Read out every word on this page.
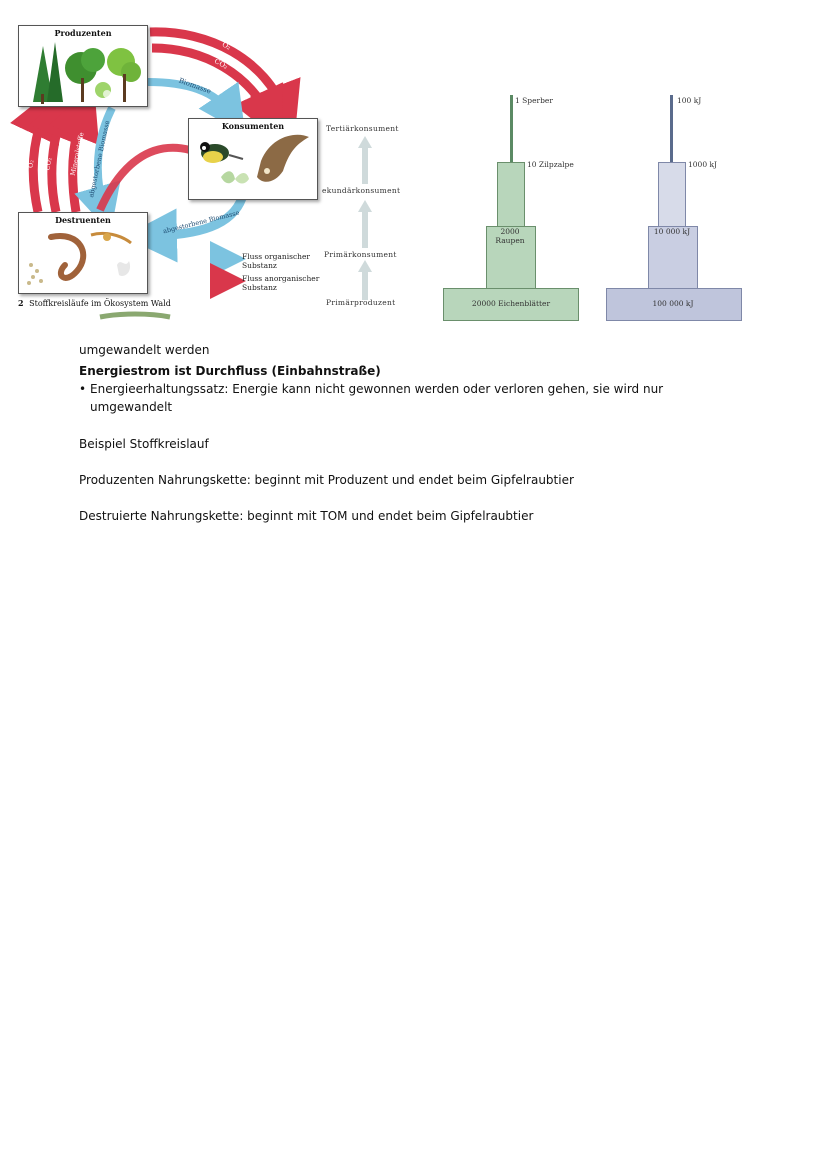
O₂
CO₂
Biomasse
Mineralstoffe
CO₂
O₂	abgestorbene Biomasse
abgestorbene Biomasse
Produzenten
Konsumenten
Destruenten
Fluss organischer Substanz
Fluss anorganischer Substanz
2 Stoffkreisläufe im Ökosystem Wald
Tertiärkonsument
ekundärkonsument
Primärkonsument
Primärproduzent
1 Sperber
10 Zilpzalpe
2000 Raupen
20000 Eichenblätter
100 kJ
1000 kJ
10 000 kJ
100 000 kJ
umgewandelt werden
Energiestrom ist Durchfluss (Einbahnstraße)
• Energieerhaltungssatz: Energie kann nicht gewonnen werden oder verloren gehen, sie wird nur
umgewandelt
Beispiel Stoffkreislauf
Produzenten Nahrungskette: beginnt mit Produzent und endet beim Gipfelraubtier
Destruierte Nahrungskette: beginnt mit TOM und endet beim Gipfelraubtier
